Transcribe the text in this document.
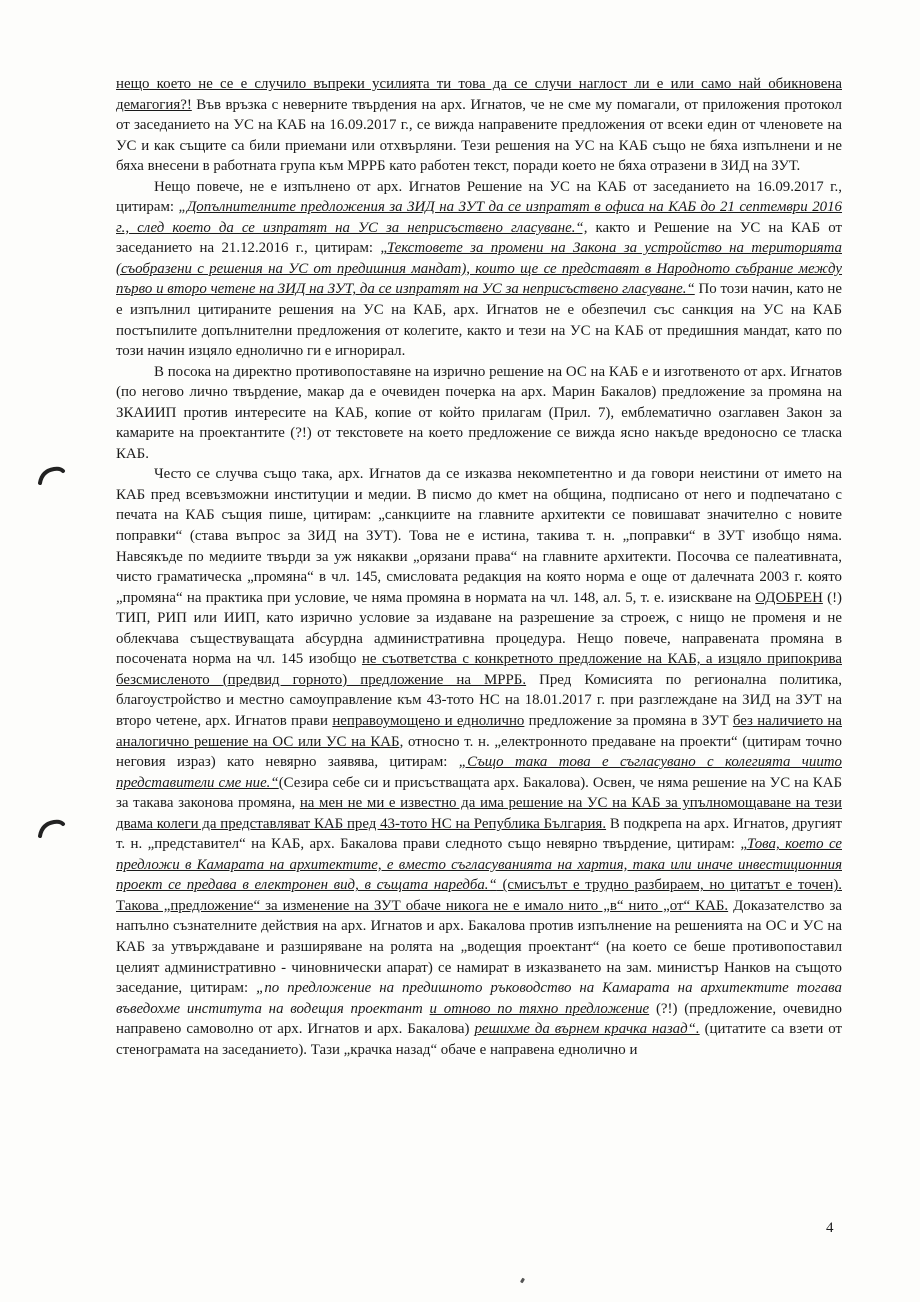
нещо което не се е случило въпреки усилията ти това да се случи наглост ли е или само най обикновена демагогия?! Във връзка с неверните твърдения на арх. Игнатов, че не сме му помагали, от приложения протокол от заседанието на УС на КАБ на 16.09.2017 г., се вижда направените предложения от всеки един от членовете на УС и как същите са били приемани или отхвърляни. Тези решения на УС на КАБ също не бяха изпълнени и не бяха внесени в работната група към МРРБ като работен текст, поради което не бяха отразени в ЗИД на ЗУТ.

Нещо повече, не е изпълнено от арх. Игнатов Решение на УС на КАБ от заседанието на 16.09.2017 г., цитирам: „Допълнителните предложения за ЗИД на ЗУТ да се изпратят в офиса на КАБ до 21 септември 2016 г., след което да се изпратят на УС за неприсъствено гласуване.“, както и Решение на УС на КАБ от заседанието на 21.12.2016 г., цитирам: „Текстовете за промени на Закона за устройство на територията (съобразени с решения на УС от предишния мандат), които ще се представят в Народното събрание между първо и второ четене на ЗИД на ЗУТ, да се изпратят на УС за неприсъствено гласуване.“ По този начин, като не е изпълнил цитираните решения на УС на КАБ, арх. Игнатов не е обезпечил със санкция на УС на КАБ постъпилите допълнителни предложения от колегите, както и тези на УС на КАБ от предишния мандат, като по този начин изцяло еднолично ги е игнорирал.

В посока на директно противопоставяне на изрично решение на ОС на КАБ е и изготвеното от арх. Игнатов (по негово лично твърдение, макар да е очевиден почерка на арх. Марин Бакалов) предложение за промяна на ЗКАИИП против интересите на КАБ, копие от който прилагам (Прил. 7), емблематично озаглавен Закон за камарите на проектантите (?!) от текстовете на което предложение се вижда ясно накъде вредоносно се тласка КАБ.

Често се случва също така, арх. Игнатов да се изказва некомпетентно и да говори неистини от името на КАБ пред всевъзможни институции и медии. В писмо до кмет на община, подписано от него и подпечатано с печата на КАБ същия пише, цитирам: „санкциите на главните архитекти се повишават значително с новите поправки“ (става въпрос за ЗИД на ЗУТ). Това не е истина, такива т. н. „поправки“ в ЗУТ изобщо няма. Навсякъде по медиите твърди за уж някакви „орязани права“ на главните архитекти. Посочва се палеативната, чисто граматическа „промяна“ в чл. 145, смисловата редакция на която норма е още от далечната 2003 г. която „промяна“ на практика при условие, че няма промяна в нормата на чл. 148, ал. 5, т. е. изискване на ОДОБРЕН (!) ТИП, РИП или ИИП, като изрично условие за издаване на разрешение за строеж, с нищо не променя и не облекчава съществуващата абсурдна административна процедура. Нещо повече, направената промяна в посочената норма на чл. 145 изобщо не съответства с конкретното предложение на КАБ, а изцяло припокрива безсмисленото (предвид горното) предложение на МРРБ. Пред Комисията по регионална политика, благоустройство и местно самоуправление към 43-тото НС на 18.01.2017 г. при разглеждане на ЗИД на ЗУТ на второ четене, арх. Игнатов прави неправоумощено и еднолично предложение за промяна в ЗУТ без наличието на аналогично решение на ОС или УС на КАБ, относно т. н. „електронното предаване на проекти“ (цитирам точно неговия израз) като невярно заявява, цитирам: „Също така това е съгласувано с колегията чиито представители сме ние.“(Сезира себе си и присъстващата арх. Бакалова). Освен, че няма решение на УС на КАБ за такава законова промяна, на мен не ми е известно да има решение на УС на КАБ за упълномощаване на тези двама колеги да представляват КАБ пред 43-тото НС на Република България. В подкрепа на арх. Игнатов, другият т. н. „представител“ на КАБ, арх. Бакалова прави следното също невярно твърдение, цитирам: „Това, което се предложи в Камарата на архитектите, е вместо съгласуванията на хартия, така или иначе инвестиционния проект се предава в електронен вид, в същата наредба.“ (смисълът е трудно разбираем, но цитатът е точен). Такова „предложение“ за изменение на ЗУТ обаче никога не е имало нито „в“ нито „от“ КАБ. Доказателство за напълно съзнателните действия на арх. Игнатов и арх. Бакалова против изпълнение на решенията на ОС и УС на КАБ за утвърждаване и разширяване на ролята на „водещия проектант“ (на което се беше противопоставил целият административно - чиновнически апарат) се намират в изказването на зам. министър Нанков на същото заседание, цитирам: „по предложение на предишното ръководство на Камарата на архитектите тогава въведохме института на водещия проектант и отново по тяхно предложение (?!) (предложение, очевидно направено самоволно от арх. Игнатов и арх. Бакалова) решихме да върнем крачка назад“. (цитатите са взети от стенограмата на заседанието). Тази „крачка назад“ обаче е направена еднолично и

4
